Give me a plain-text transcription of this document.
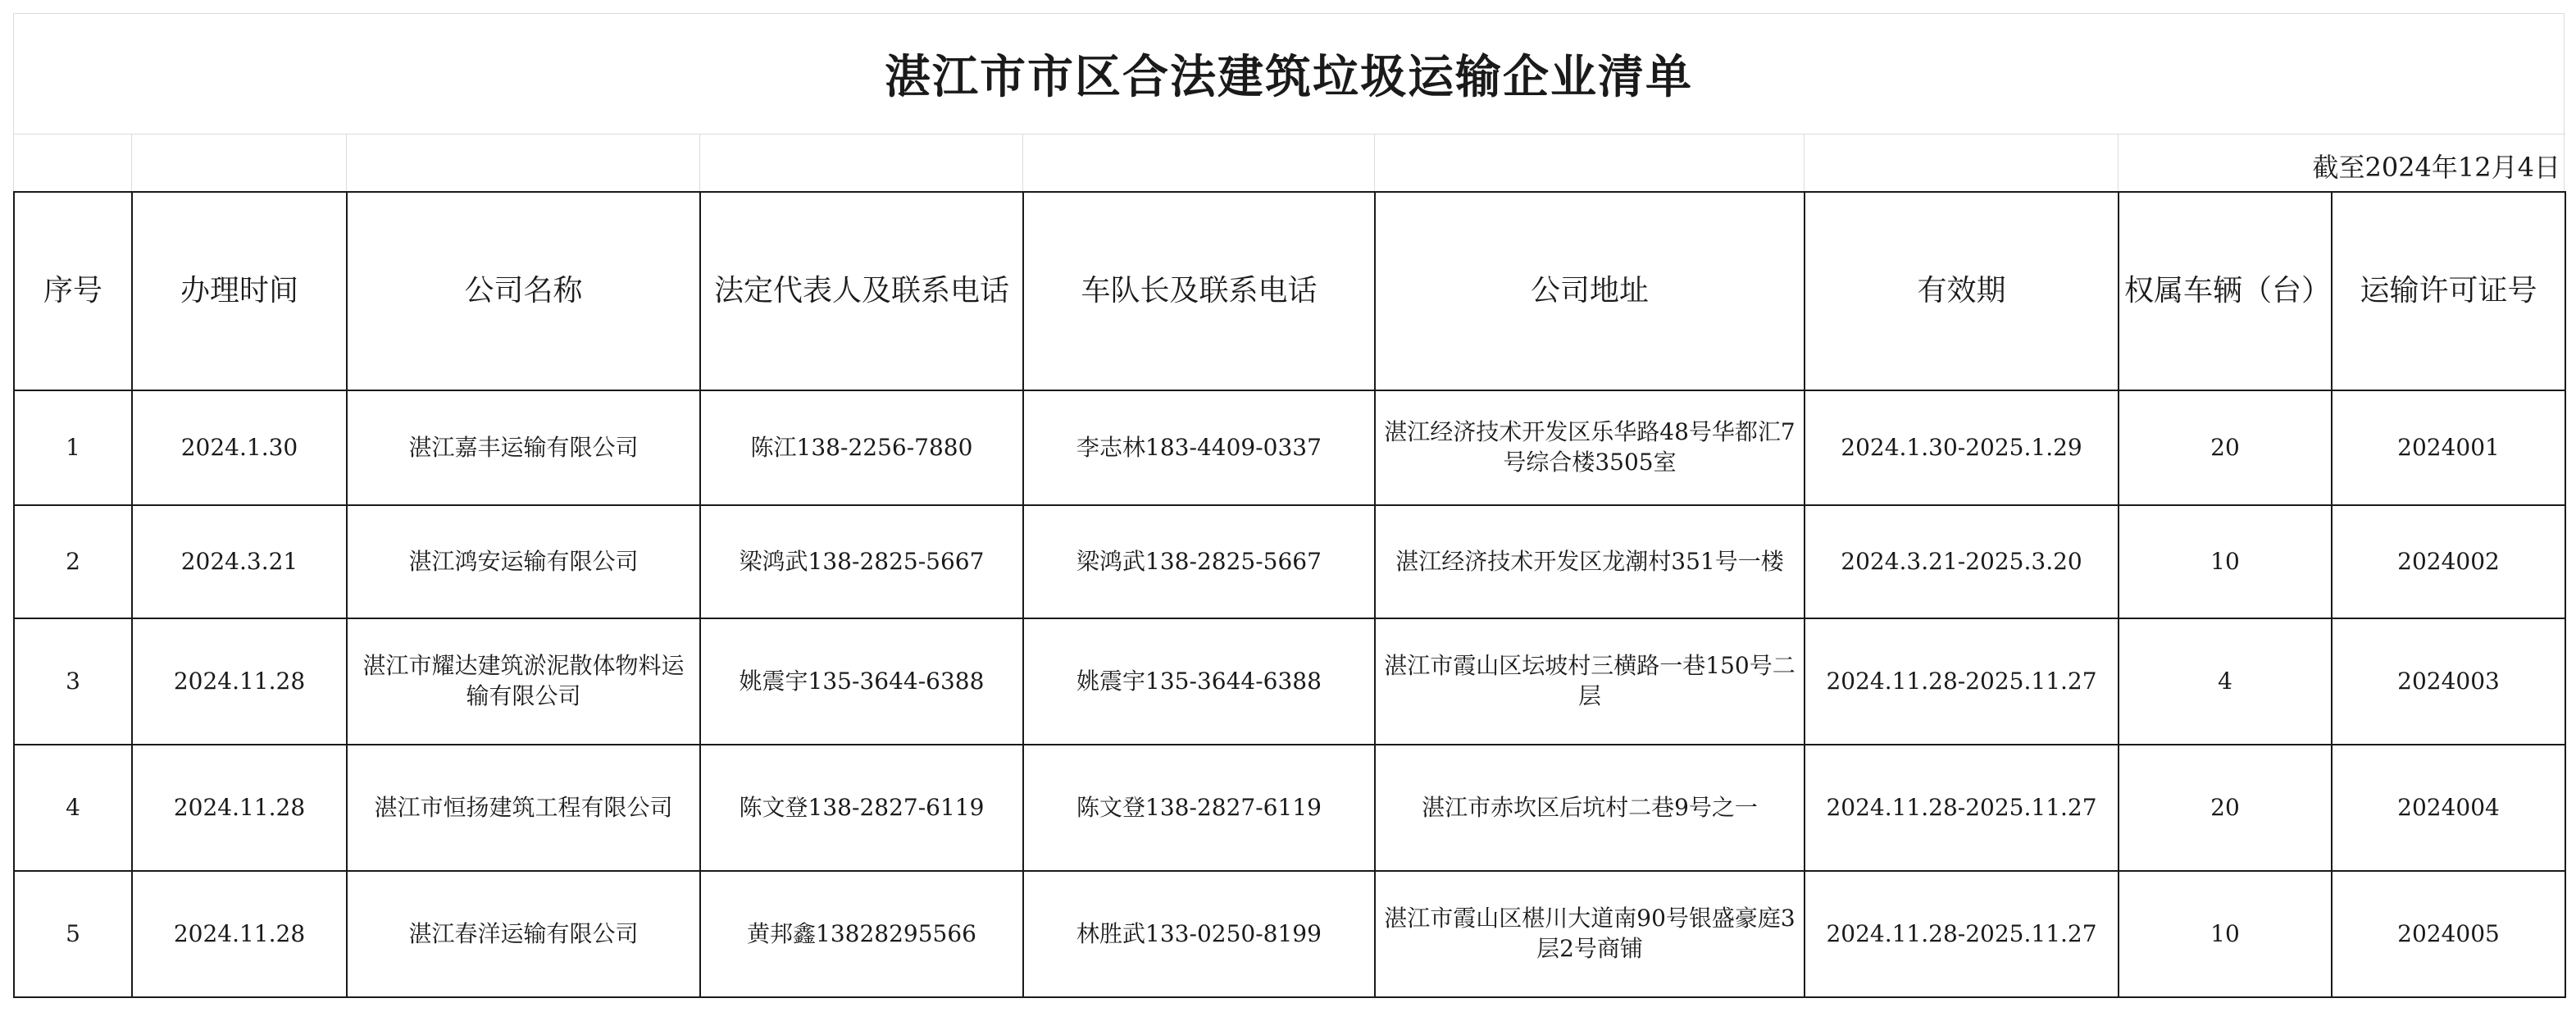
湛江市市区合法建筑垃圾运输企业清单
截至2024年12月4日
序号	办理时间	公司名称	法定代表人及联系电话	车队长及联系电话	公司地址	有效期	权属车辆（台）	运输许可证号
1	2024.1.30	湛江嘉丰运输有限公司	陈江138-2256-7880	李志林183-4409-0337	湛江经济技术开发区乐华路48号华都汇7号综合楼3505室	2024.1.30-2025.1.29	20	2024001
2	2024.3.21	湛江鸿安运输有限公司	梁鸿武138-2825-5667	梁鸿武138-2825-5667	湛江经济技术开发区龙潮村351号一楼	2024.3.21-2025.3.20	10	2024002
3	2024.11.28	湛江市耀达建筑淤泥散体物料运输有限公司	姚震宇135-3644-6388	姚震宇135-3644-6388	湛江市霞山区坛坡村三横路一巷150号二层	2024.11.28-2025.11.27	4	2024003
4	2024.11.28	湛江市恒扬建筑工程有限公司	陈文登138-2827-6119	陈文登138-2827-6119	湛江市赤坎区后坑村二巷9号之一	2024.11.28-2025.11.27	20	2024004
5	2024.11.28	湛江春洋运输有限公司	黄邦鑫13828295566	林胜武133-0250-8199	湛江市霞山区椹川大道南90号银盛豪庭3层2号商铺	2024.11.28-2025.11.27	10	2024005
